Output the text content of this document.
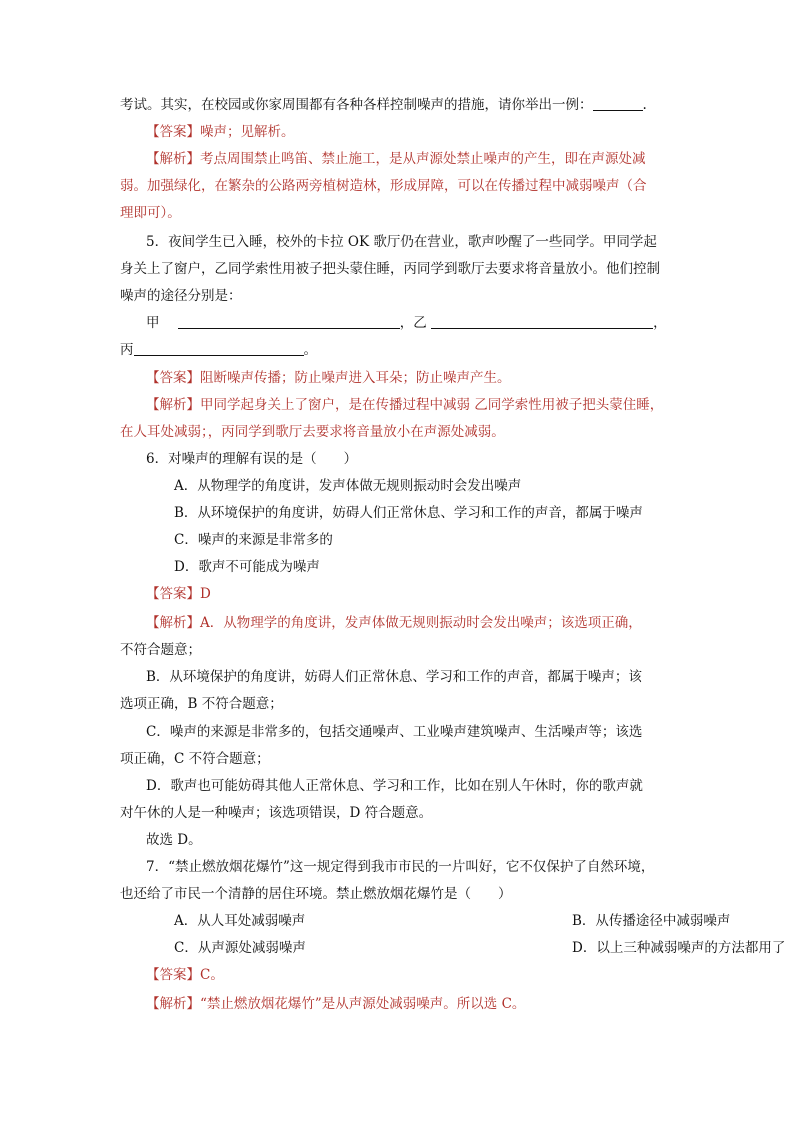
考试。其实，在校园或你家周围都有各种各样控制噪声的措施，请你举出一例：	.
【答案】噪声；见解析。
【解析】考点周围禁止鸣笛、禁止施工，是从声源处禁止噪声的产生，即在声源处减
弱。加强绿化，在繁杂的公路两旁植树造林，形成屏障，可以在传播过程中减弱噪声（合
理即可）。
5．夜间学生已入睡，校外的卡拉 OK 歌厅仍在营业，歌声吵醒了一些同学。甲同学起
身关上了窗户，乙同学索性用被子把头蒙住睡，丙同学到歌厅去要求将音量放小。他们控制
噪声的途径分别是：
甲	，乙	，
丙	。
【答案】阻断噪声传播；防止噪声进入耳朵；防止噪声产生。
【解析】甲同学起身关上了窗户，是在传播过程中减弱 乙同学索性用被子把头蒙住睡，
在人耳处减弱；，丙同学到歌厅去要求将音量放小在声源处减弱。
6．对噪声的理解有误的是（　　）
A．从物理学的角度讲，发声体做无规则振动时会发出噪声
B．从环境保护的角度讲，妨碍人们正常休息、学习和工作的声音，都属于噪声
C．噪声的来源是非常多的
D．歌声不可能成为噪声
【答案】D
【解析】A．从物理学的角度讲，发声体做无规则振动时会发出噪声；该选项正确，
不符合题意；
B．从环境保护的角度讲，妨碍人们正常休息、学习和工作的声音，都属于噪声；该
选项正确，B 不符合题意；
C．噪声的来源是非常多的，包括交通噪声、工业噪声建筑噪声、生活噪声等；该选
项正确，C 不符合题意；
D．歌声也可能妨碍其他人正常休息、学习和工作，比如在别人午休时，你的歌声就
对午休的人是一种噪声；该选项错误，D 符合题意。
故选 D。
7．“禁止燃放烟花爆竹”这一规定得到我市市民的一片叫好，它不仅保护了自然环境，
也还给了市民一个清静的居住环境。禁止燃放烟花爆竹是（　　）
A．从人耳处减弱噪声	B．从传播途径中减弱噪声
C．从声源处减弱噪声	D．以上三种减弱噪声的方法都用了
【答案】C。
【解析】“禁止燃放烟花爆竹”是从声源处减弱噪声。所以选 C。
